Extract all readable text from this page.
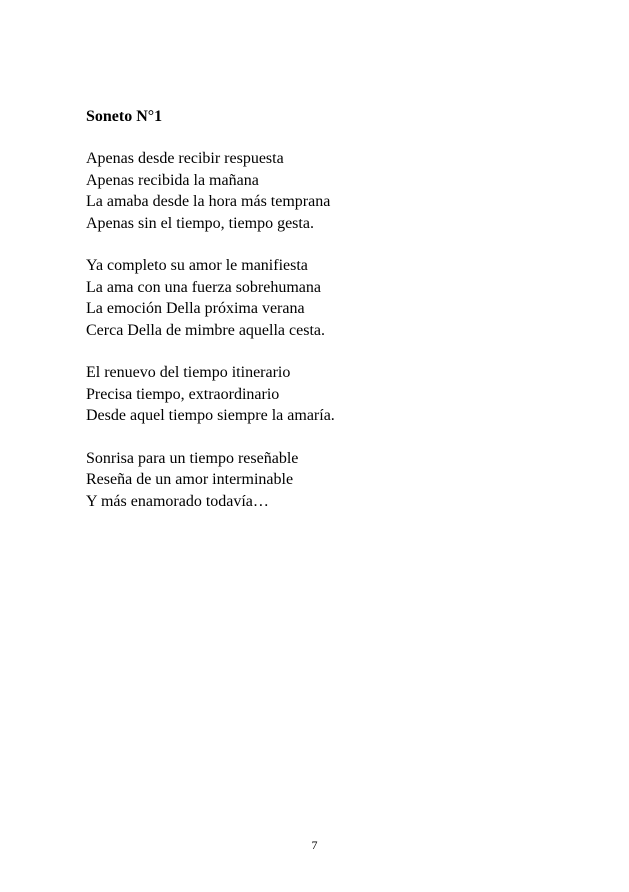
Soneto N°1

Apenas desde recibir respuesta

Apenas recibida la mañana

La amaba desde la hora más temprana

Apenas sin el tiempo, tiempo gesta.

Ya completo su amor le manifiesta

La ama con una fuerza sobrehumana

La emoción Della próxima verana

Cerca Della de mimbre aquella cesta.

El renuevo del tiempo itinerario

Precisa tiempo, extraordinario

Desde aquel tiempo siempre la amaría.

Sonrisa para un tiempo reseñable

Reseña de un amor interminable

Y más enamorado todavía…

7
